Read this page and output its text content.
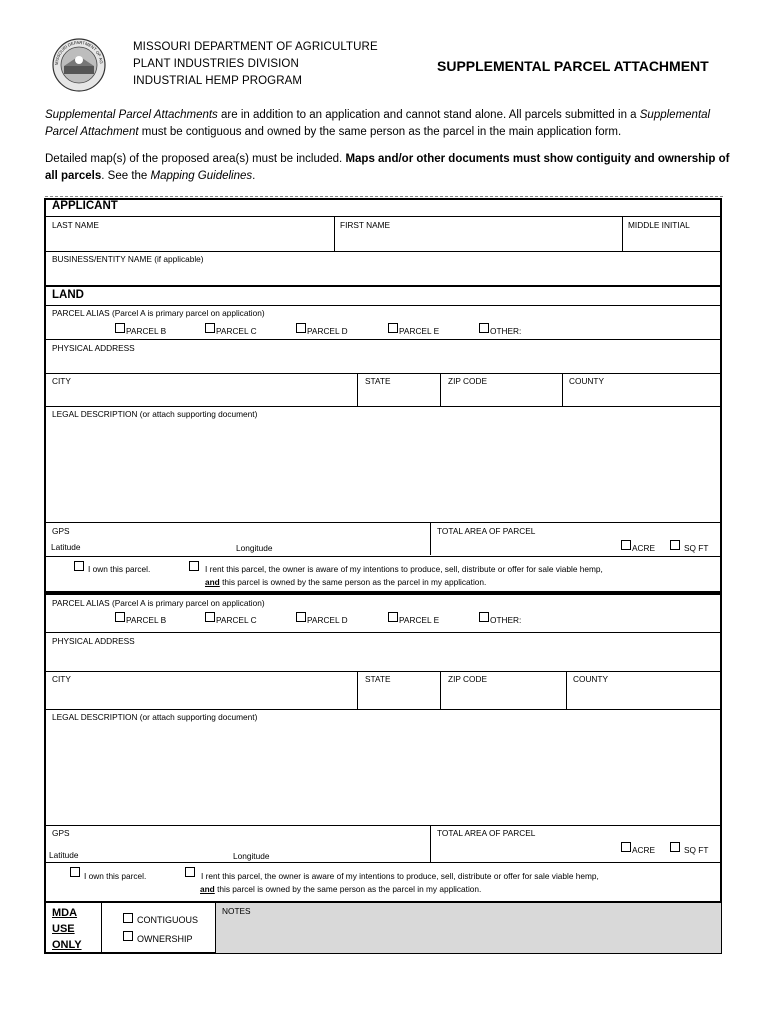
MISSOURI DEPARTMENT OF AG
MISSOURI DEPARTMENT OF AGRICULTURE
PLANT INDUSTRIES DIVISION
INDUSTRIAL HEMP PROGRAM
SUPPLEMENTAL PARCEL ATTACHMENT
Supplemental Parcel Attachments are in addition to an application and cannot stand alone. All parcels submitted in a Supplemental
Parcel Attachment must be contiguous and owned by the same person as the parcel in the main application form.
Detailed map(s) of the proposed area(s) must be included. Maps and/or other documents must show contiguity and ownership of
all parcels. See the Mapping Guidelines.
APPLICANT
LAST NAME	FIRST NAME	MIDDLE INITIAL
BUSINESS/ENTITY NAME (if applicable)
LAND
PARCEL ALIAS (Parcel A is primary parcel on application)
PARCEL B	PARCEL C	PARCEL D	PARCEL E	OTHER:
PHYSICAL ADDRESS
CITY	STATE	ZIP CODE	COUNTY
LEGAL DESCRIPTION (or attach supporting document)
GPS	TOTAL AREA OF PARCEL
Latitude	Longitude	ACRE	SQ FT
I own this parcel.	I rent this parcel, the owner is aware of my intentions to produce, sell, distribute or offer for sale viable hemp,
and this parcel is owned by the same person as the parcel in my application.
PARCEL ALIAS (Parcel A is primary parcel on application)
PARCEL B	PARCEL C	PARCEL D	PARCEL E	OTHER:
PHYSICAL ADDRESS
CITY	STATE	ZIP CODE	COUNTY
LEGAL DESCRIPTION (or attach supporting document)
GPS	TOTAL AREA OF PARCEL
Latitude	Longitude
ACRE	SQ FT
I own this parcel.	I rent this parcel, the owner is aware of my intentions to produce, sell, distribute or offer for sale viable hemp,
and this parcel is owned by the same person as the parcel in my application.
MDA
USE
ONLY
CONTIGUOUS
OWNERSHIP
NOTES
